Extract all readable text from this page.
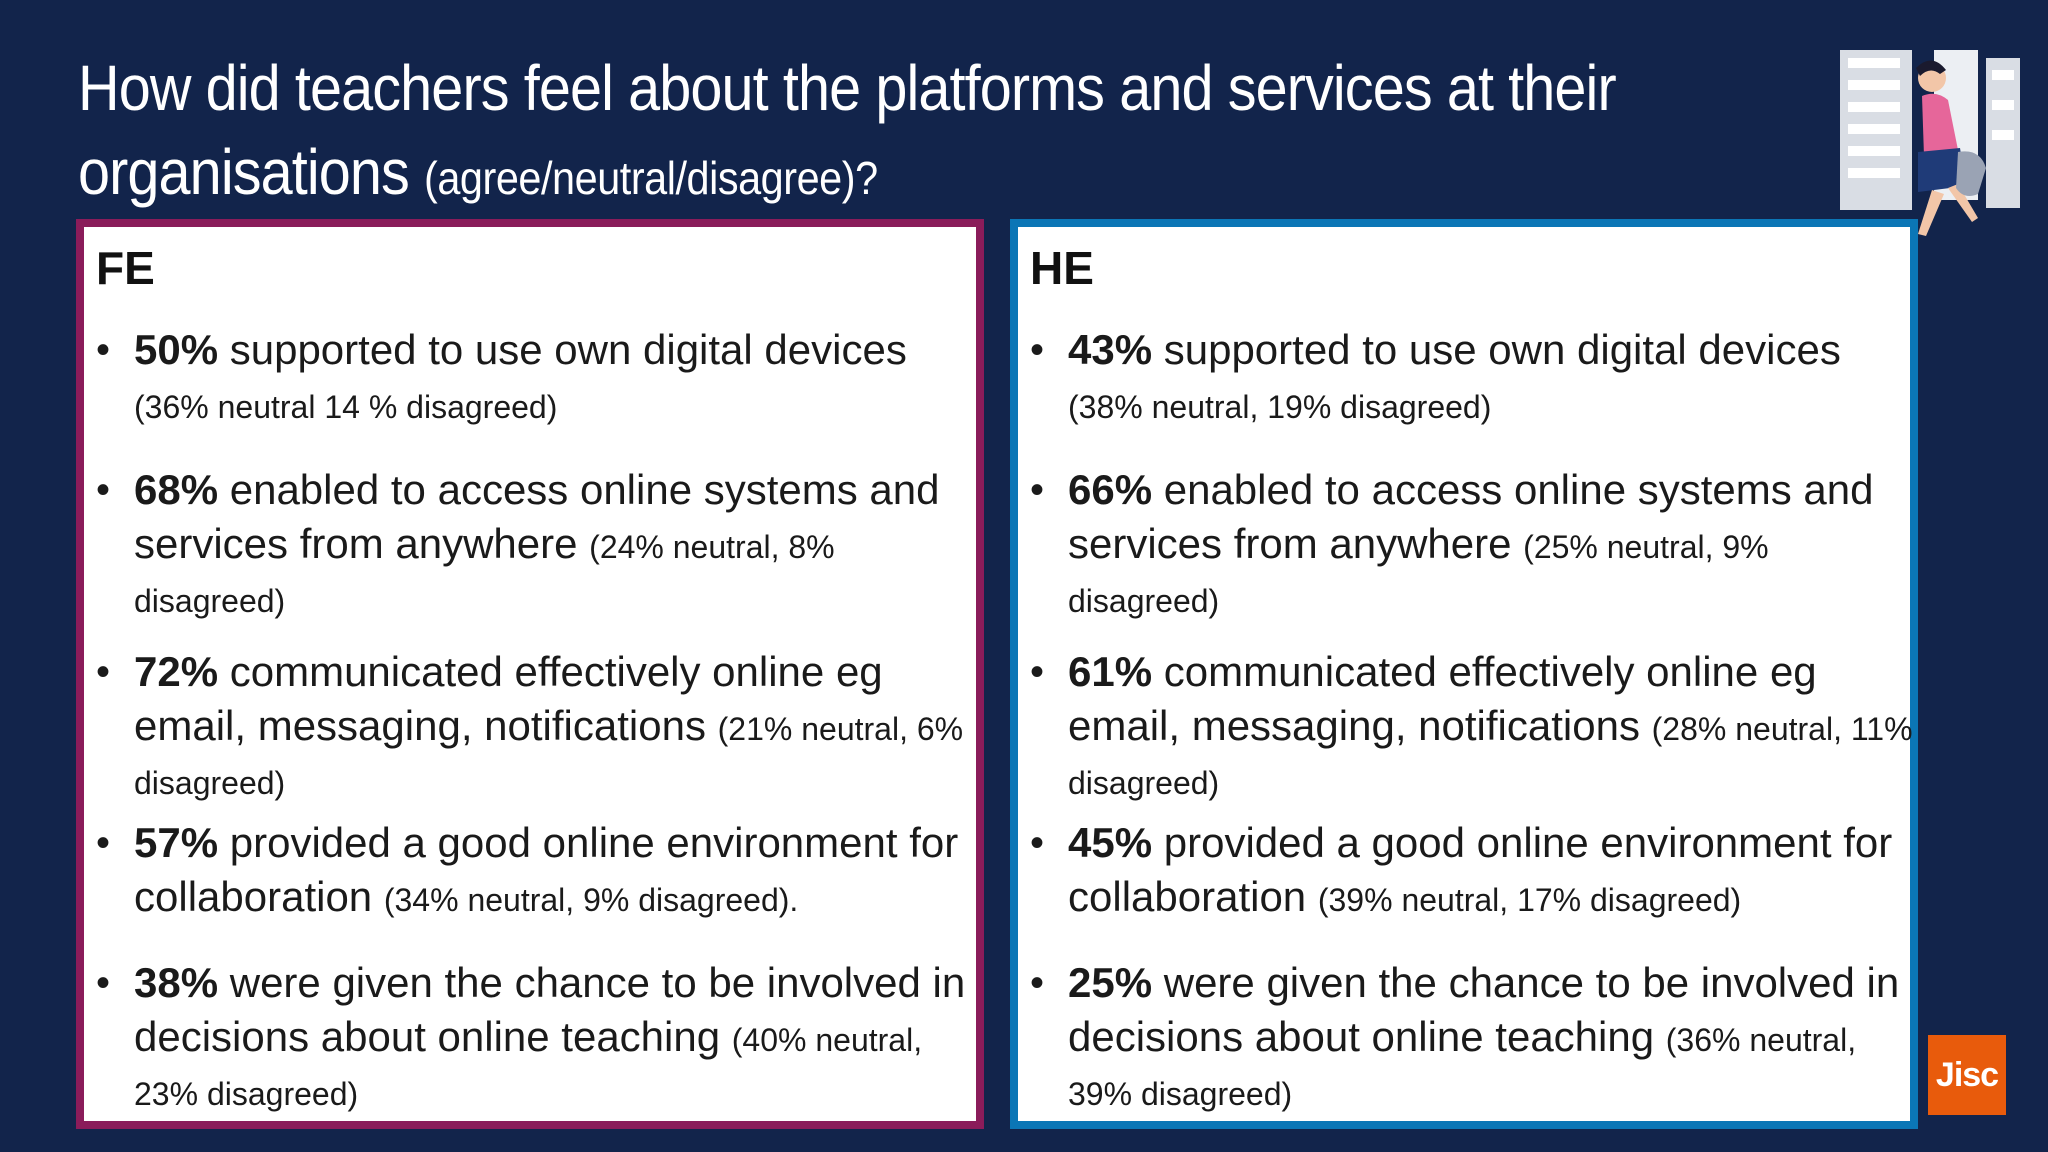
How did teachers feel about the platforms and services at their
organisations (agree/neutral/disagree)?
FE
• 50% supported to use own digital devices (36% neutral 14 % disagreed)
• 68% enabled to access online systems and services from anywhere (24% neutral, 8% disagreed)
• 72% communicated effectively online eg email, messaging, notifications (21% neutral, 6% disagreed)
• 57% provided a good online environment for collaboration (34% neutral, 9% disagreed).
• 38% were given the chance to be involved in decisions about online teaching (40% neutral, 23% disagreed)
HE
• 43% supported to use own digital devices (38% neutral, 19% disagreed)
• 66% enabled to access online systems and services from anywhere (25% neutral, 9% disagreed)
• 61% communicated effectively online eg email, messaging, notifications (28% neutral, 11% disagreed)
• 45% provided a good online environment for collaboration (39% neutral, 17% disagreed)
• 25% were given the chance to be involved in decisions about online teaching (36% neutral, 39% disagreed)	Jisc
